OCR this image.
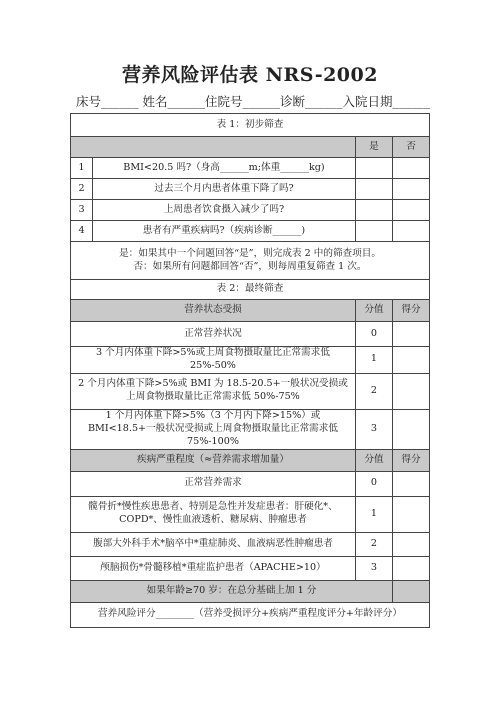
营养风险评估表 NRS-2002
床号______ 姓名______住院号______诊断______入院日期______
表 1：初步筛查			
		是	否
1	BMI<20.5 吗?（身高______m;体重______kg)		
2	过去三个月内患者体重下降了吗?		
3	上周患者饮食摄入减少了吗?		
4	患者有严重疾病吗?（疾病诊断______)		

是：如果其中一个问题回答“是”，则完成表 2 中的筛查项目。
否：如果所有问题都回答“否”，则每周重复筛查 1 次。			

表 2：最终筛查			
营养状态受损		分值	得分
正常营养状况		0	
3 个月内体重下降>5%或上周食物摄取量比正常需求低 25%-50%		1	
2 个月内体重下降>5%或 BMI 为 18.5-20.5+一般状况受损或上周食物摄取量比正常需求低 50%-75%		2	
1 个月内体重下降>5%（3 个月内下降>15%）或 BMI<18.5+一般状况受损或上周食物摄取量比正常需求低 75%-100%		3	
疾病严重程度（≈营养需求增加量）		分值	得分
正常营养需求		0	
髋骨折*慢性疾患患者、特别是急性并发症患者：肝硬化*、COPD*、慢性血液透析、糖尿病、肿瘤患者		1	
腹部大外科手术*脑卒中*重症肺炎、血液病恶性肿瘤患者		2	
颅脑损伤*骨髓移植*重症监护患者（APACHE>10）		3	
如果年龄≥70 岁：在总分基础上加 1 分			
营养风险评分________（营养受损评分+疾病严重程度评分+年龄评分）			
